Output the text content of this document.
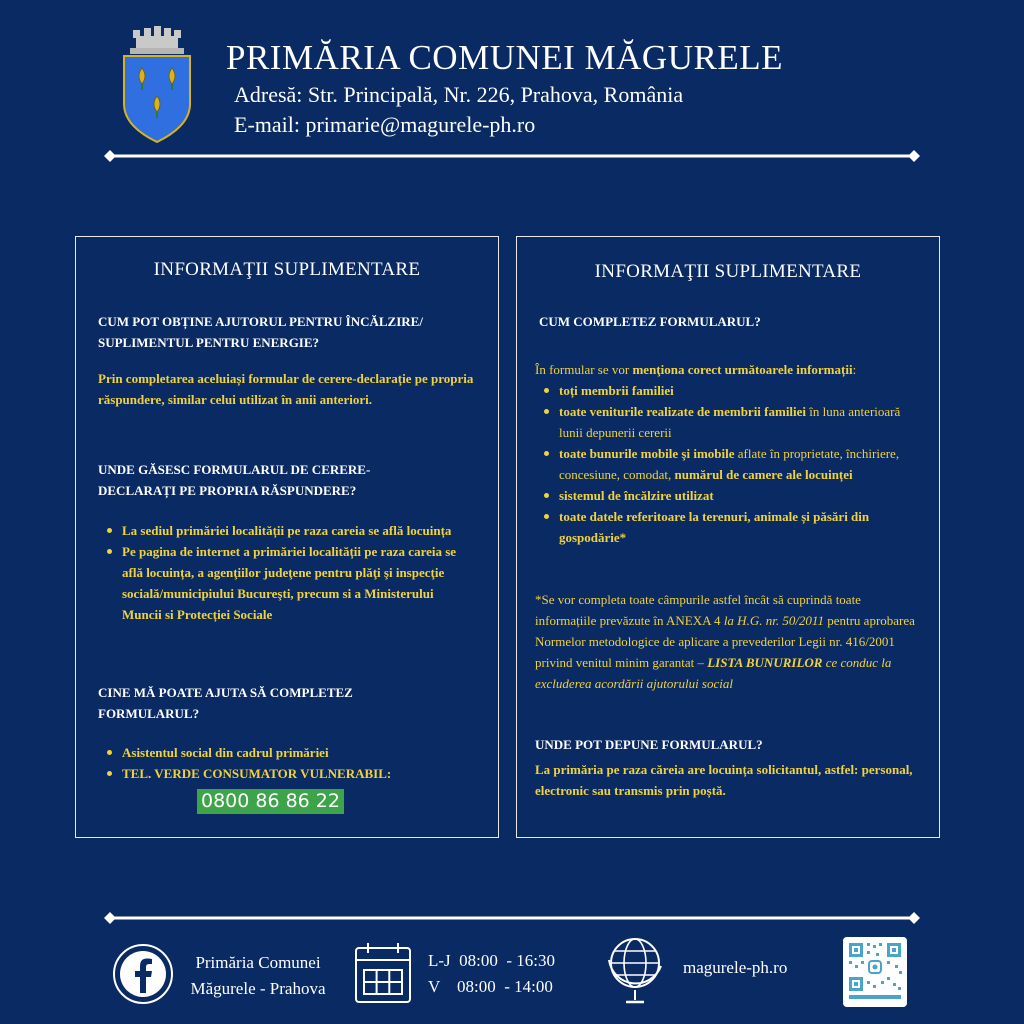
PRIMĂRIA COMUNEI MĂGURELE
Adresă: Str. Principală, Nr. 226, Prahova, România
E-mail: primarie@magurele-ph.ro
INFORMAŢII SUPLIMENTARE
CUM POT OBȚINE AJUTORUL PENTRU ÎNCĂLZIRE/ SUPLIMENTUL PENTRU ENERGIE?
Prin completarea aceluiași formular de cerere-declarație pe propria răspundere, similar celui utilizat în anii anteriori.
UNDE GĂSESC FORMULARUL DE CERERE-DECLARAȚI PE PROPRIA RĂSPUNDERE?
La sediul primăriei localității pe raza careia se află locuința
Pe pagina de internet a primăriei localității pe raza careia se află locuința, a agenţiilor judeţene pentru plăţi şi inspecţie socială/municipiului Bucureşti, precum si a Ministerului Muncii si Protecției Sociale
CINE MĂ POATE AJUTA SĂ COMPLETEZ FORMULARUL?
Asistentul social din cadrul primăriei
TEL. VERDE CONSUMATOR VULNERABIL:
0800 86 86 22
INFORMAŢII SUPLIMENTARE
CUM COMPLETEZ FORMULARUL?
În formular se vor menţiona corect următoarele informații:
toți membrii familiei
toate veniturile realizate de membrii familiei în luna anterioară lunii depunerii cererii
toate bunurile mobile şi imobile aflate în proprietate, închiriere, concesiune, comodat, numărul de camere ale locuinței
sistemul de încălzire utilizat
toate datele referitoare la terenuri, animale și păsări din gospodărie*
*Se vor completa toate câmpurile astfel încât să cuprindă toate informațiile prevăzute în ANEXA 4 la H.G. nr. 50/2011 pentru aprobarea Normelor metodologice de aplicare a prevederilor Legii nr. 416/2001 privind venitul minim garantat – LISTA BUNURILOR ce conduc la excluderea acordării ajutorului social
UNDE POT DEPUNE FORMULARUL?
La primăria pe raza căreia are locuința solicitantul, astfel: personal, electronic sau transmis prin poștă.
Primăria Comunei
Măgurele - Prahova
L-J  08:00  - 16:30
V    08:00  - 14:00
magurele-ph.ro
